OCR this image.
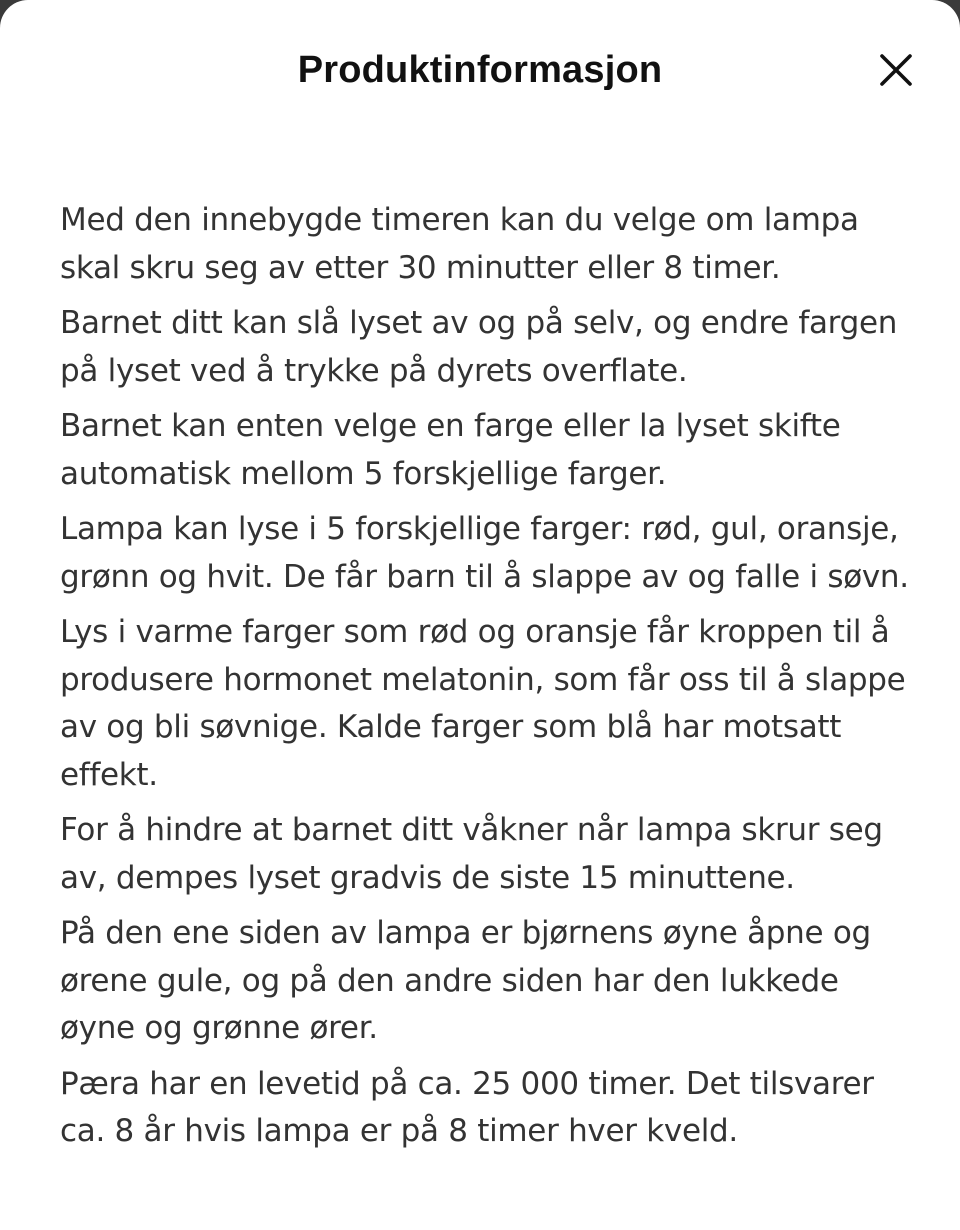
Produktinformasjon

Med den innebygde timeren kan du velge om lampa skal skru seg av etter 30 minutter eller 8 timer.

Barnet ditt kan slå lyset av og på selv, og endre fargen på lyset ved å trykke på dyrets overflate.

Barnet kan enten velge en farge eller la lyset skifte automatisk mellom 5 forskjellige farger.

Lampa kan lyse i 5 forskjellige farger: rød, gul, oransje, grønn og hvit. De får barn til å slappe av og falle i søvn.

Lys i varme farger som rød og oransje får kroppen til å produsere hormonet melatonin, som får oss til å slappe av og bli søvnige. Kalde farger som blå har motsatt effekt.

For å hindre at barnet ditt våkner når lampa skrur seg av, dempes lyset gradvis de siste 15 minuttene.

På den ene siden av lampa er bjørnens øyne åpne og ørene gule, og på den andre siden har den lukkede øyne og grønne ører.

Pæra har en levetid på ca. 25 000 timer. Det tilsvarer ca. 8 år hvis lampa er på 8 timer hver kveld.
